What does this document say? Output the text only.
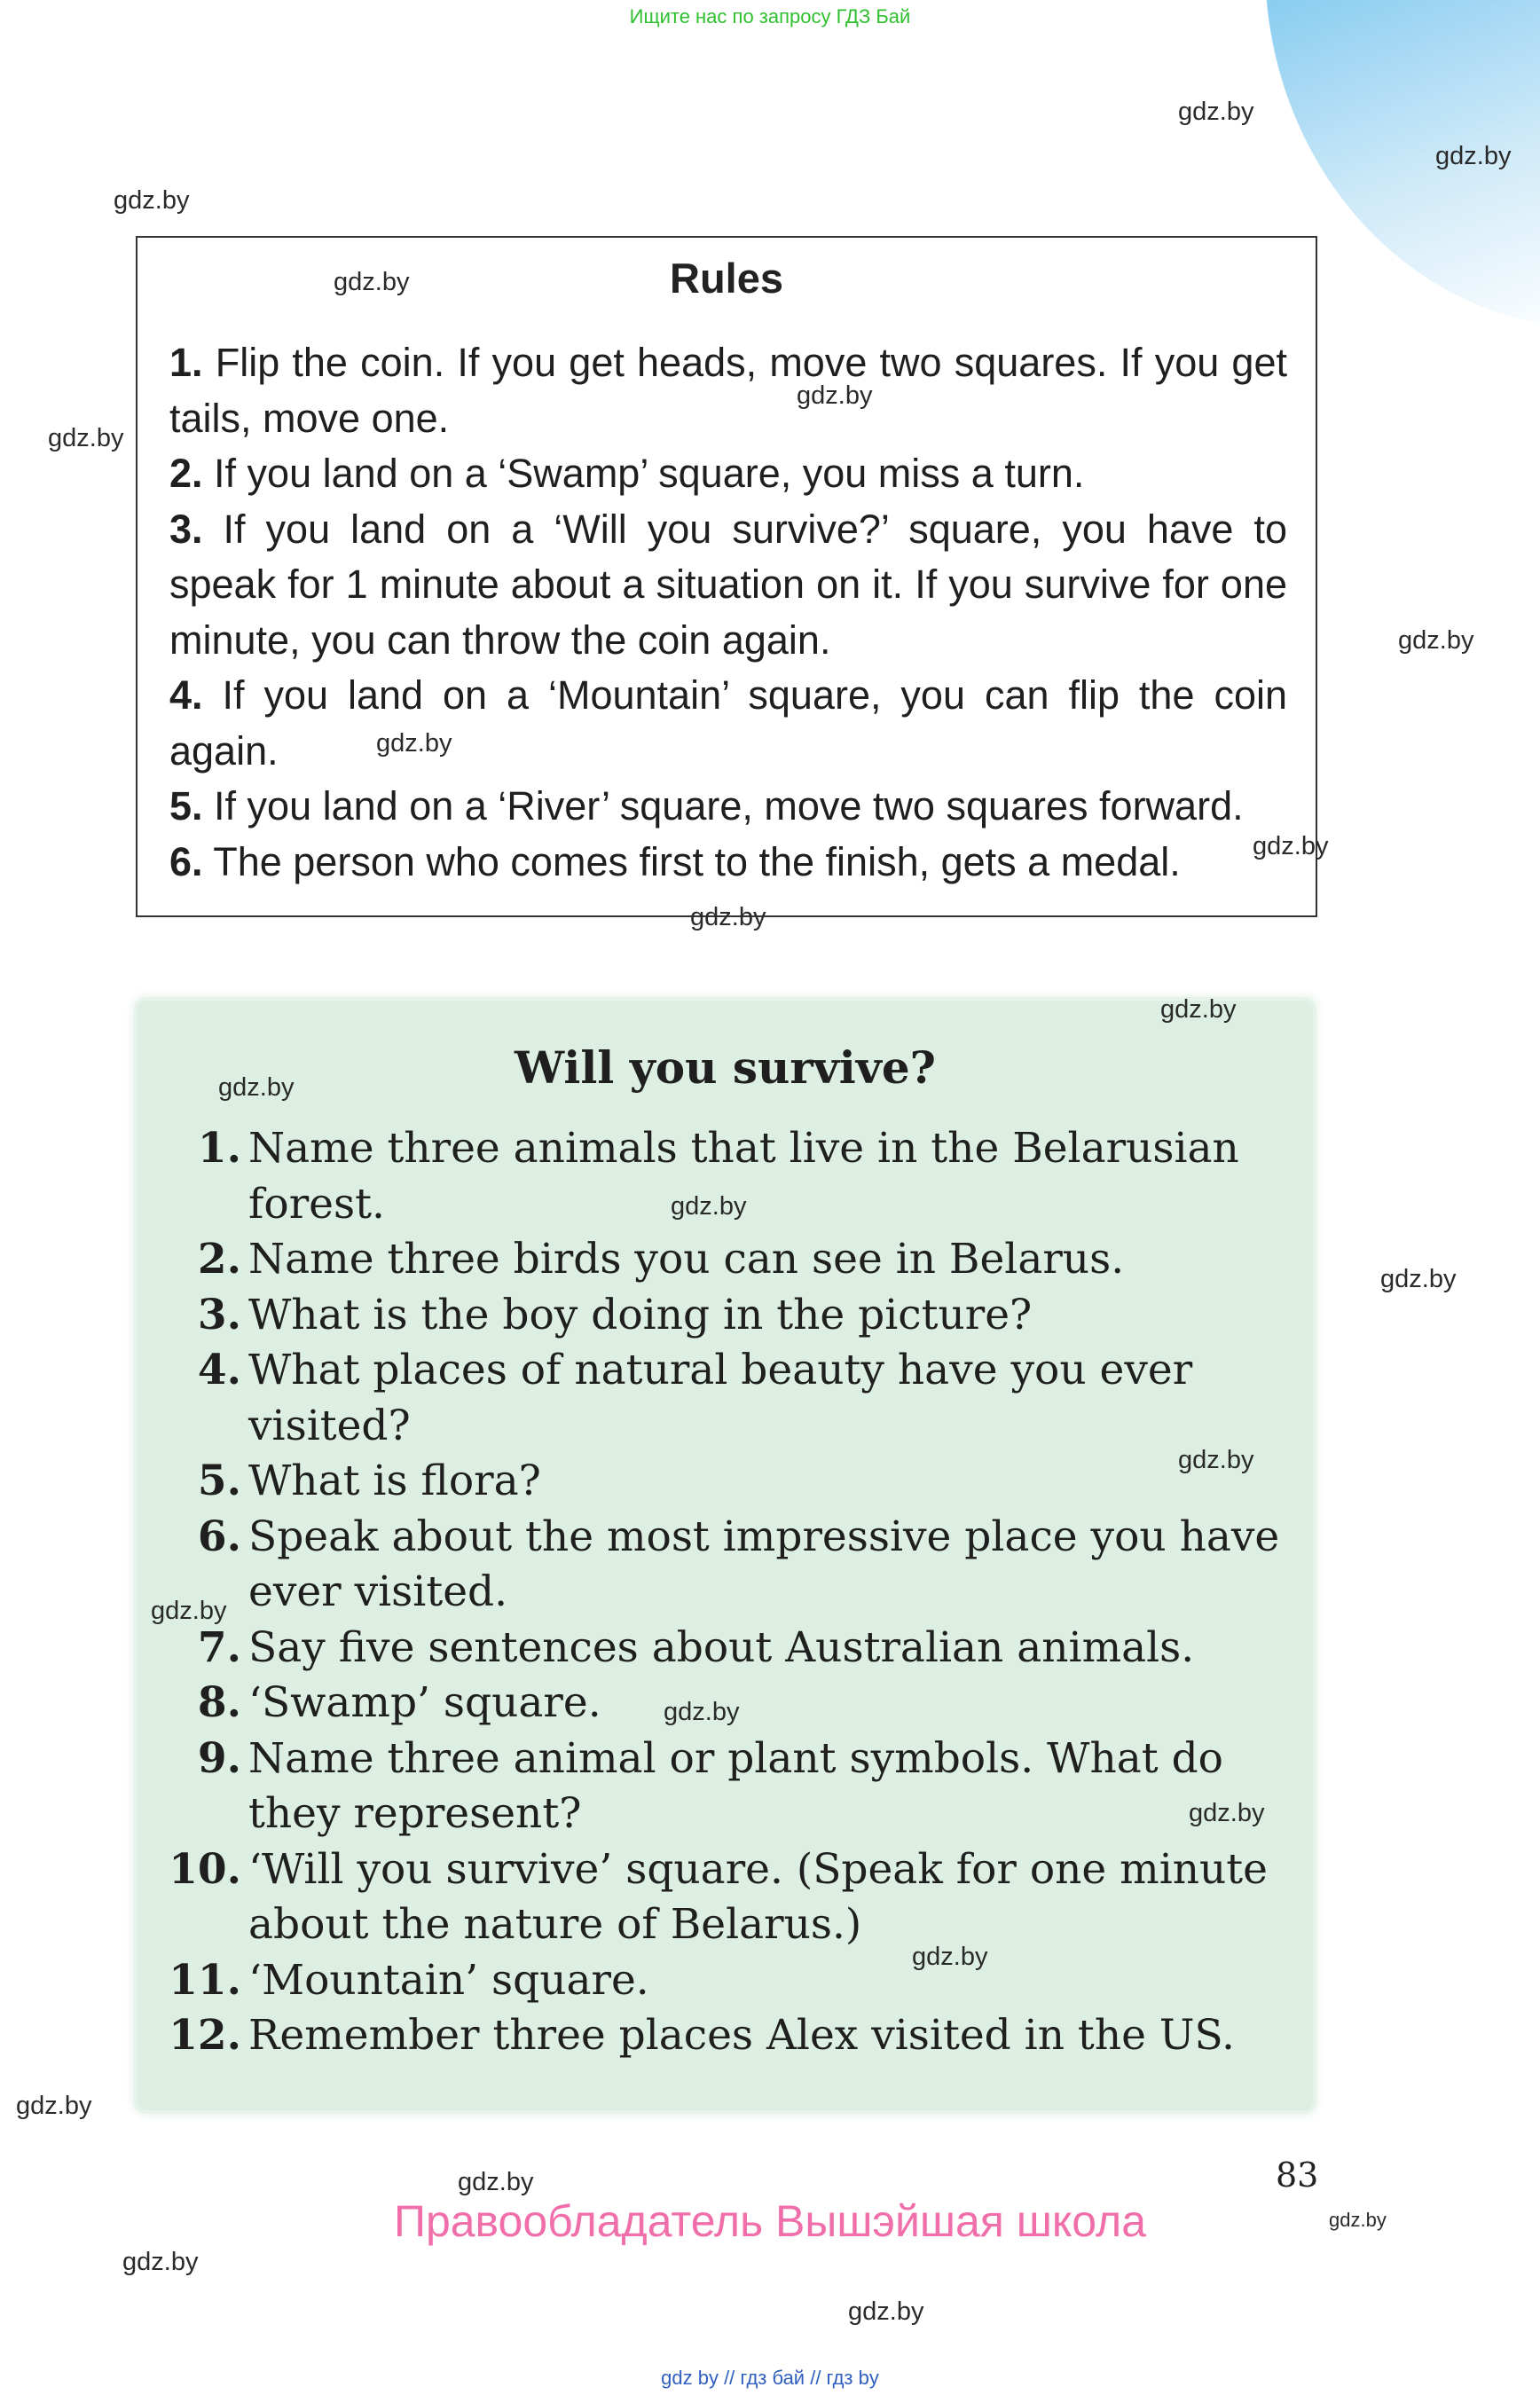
Ищите нас по запросу ГДЗ Бай
Rules
1. Flip the coin. If you get heads, move two squares. If you get tails, move one.
2. If you land on a ‘Swamp’ square, you miss a turn.
3. If you land on a ‘Will you survive?’ square, you have to speak for 1 minute about a situation on it. If you survive for one minute, you can throw the coin again.
4. If you land on a ‘Mountain’ square, you can flip the coin again.
5. If you land on a ‘River’ square, move two squares forward.
6. The person who comes first to the finish, gets a medal.
Will you survive?
1. Name three animals that live in the Belarusian forest.
2. Name three birds you can see in Belarus.
3. What is the boy doing in the picture?
4. What places of natural beauty have you ever visited?
5. What is flora?
6. Speak about the most impressive place you have ever visited.
7. Say five sentences about Australian animals.
8. ‘Swamp’ square.
9. Name three animal or plant symbols. What do they represent?
10. ‘Will you survive’ square. (Speak for one minute about the nature of Belarus.)
11. ‘Mountain’ square.
12. Remember three places Alex visited in the US.
83
Правообладатель Вышэйшая школа
gdz by // гдз бай // гдз by
gdz.by
gdz.by
gdz.by
gdz.by
gdz.by
gdz.by
gdz.by
gdz.by
gdz.by
gdz.by
gdz.by
gdz.by
gdz.by
gdz.by
gdz.by
gdz.by
gdz.by
gdz.by
gdz.by
gdz.by
gdz.by
gdz.by
gdz.by
gdz.by
